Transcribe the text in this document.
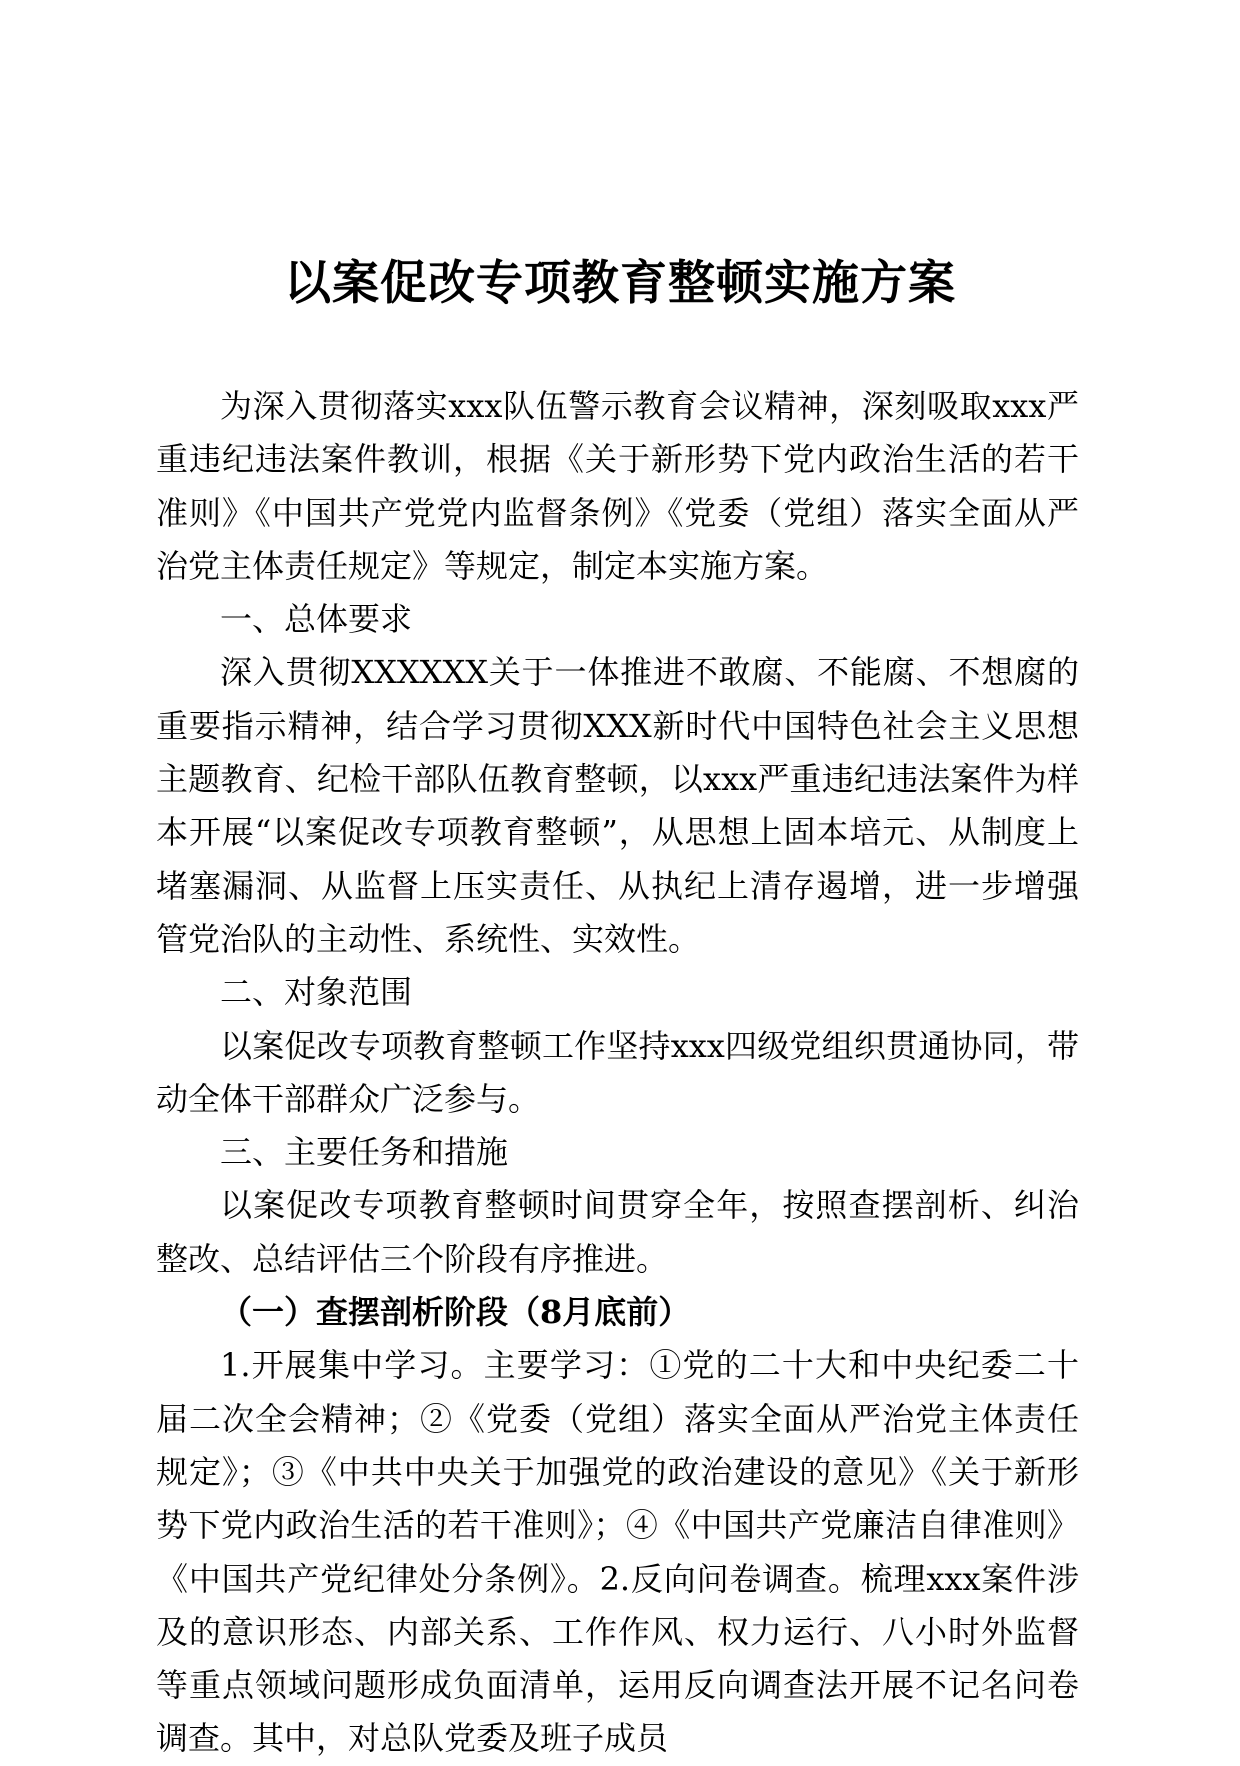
以案促改专项教育整顿实施方案

为深入贯彻落实xxx队伍警示教育会议精神，深刻吸取xxx严重违纪违法案件教训，根据《关于新形势下党内政治生活的若干准则》《中国共产党党内监督条例》《党委（党组）落实全面从严治党主体责任规定》等规定，制定本实施方案。

一、总体要求

深入贯彻XXXXXX关于一体推进不敢腐、不能腐、不想腐的重要指示精神，结合学习贯彻XXX新时代中国特色社会主义思想主题教育、纪检干部队伍教育整顿，以xxx严重违纪违法案件为样本开展“以案促改专项教育整顿”，从思想上固本培元、从制度上堵塞漏洞、从监督上压实责任、从执纪上清存遏增，进一步增强管党治队的主动性、系统性、实效性。

二、对象范围

以案促改专项教育整顿工作坚持xxx四级党组织贯通协同，带动全体干部群众广泛参与。

三、主要任务和措施

以案促改专项教育整顿时间贯穿全年，按照查摆剖析、纠治整改、总结评估三个阶段有序推进。

（一）查摆剖析阶段（8月底前）

1.开展集中学习。主要学习：①党的二十大和中央纪委二十届二次全会精神；②《党委（党组）落实全面从严治党主体责任规定》；③《中共中央关于加强党的政治建设的意见》《关于新形势下党内政治生活的若干准则》；④《中国共产党廉洁自律准则》《中国共产党纪律处分条例》。2.反向问卷调查。梳理xxx案件涉及的意识形态、内部关系、工作作风、权力运行、八小时外监督等重点领域问题形成负面清单，运用反向调查法开展不记名问卷调查。其中，对总队党委及班子成员
